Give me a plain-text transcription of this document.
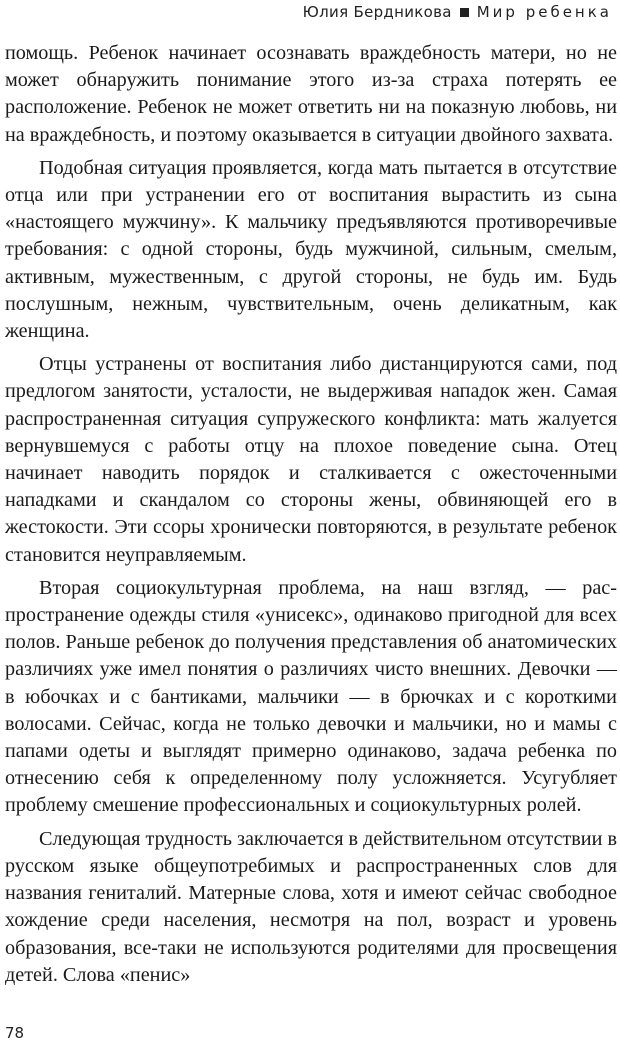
Юлия Бердникова Мир ребенка

помощь. Ребенок начинает осознавать враждебность матери, но не может обнаружить понимание этого из-за страха потерять ее расположение. Ребенок не может ответить ни на показную любовь, ни на враждебность, и поэтому оказывается в ситуации двойного захвата.

Подобная ситуация проявляется, когда мать пытается в отсутствие отца или при устранении его от воспитания вырастить из сына «настоящего мужчину». К мальчику предъявляются противоречивые требования: с одной стороны, будь мужчиной, сильным, смелым, активным, мужественным, с другой стороны, не будь им. Будь послушным, нежным, чувствительным, очень деликатным, как женщина.

Отцы устранены от воспитания либо дистанцируются сами, под предлогом занятости, усталости, не выдерживая нападок жен. Самая распространенная ситуация супружеского конфликта: мать жалуется вернувшемуся с работы отцу на плохое поведение сына. Отец начинает наводить порядок и сталкивается с ожесточенными нападками и скандалом со стороны жены, обвиняющей его в жестокости. Эти ссоры хронически повторяются, в результате ребенок становится неуправляемым.

Вторая социокультурная проблема, на наш взгляд, — распространение одежды стиля «унисекс», одинаково пригодной для всех полов. Раньше ребенок до получения представления об анатомических различиях уже имел понятия о различиях чисто внешних. Девочки — в юбочках и с бантиками, мальчики — в брючках и с короткими волосами. Сейчас, когда не только девочки и мальчики, но и мамы с папами одеты и выглядят примерно одинаково, задача ребенка по отнесению себя к определенному полу усложняется. Усугубляет проблему смешение профессиональных и социокультурных ролей.

Следующая трудность заключается в действительном отсутствии в русском языке общеупотребимых и распространенных слов для названия гениталий. Матерные слова, хотя и имеют сейчас свободное хождение среди населения, несмотря на пол, возраст и уровень образования, все-таки не используются родителями для просвещения детей. Слова «пенис»

78
